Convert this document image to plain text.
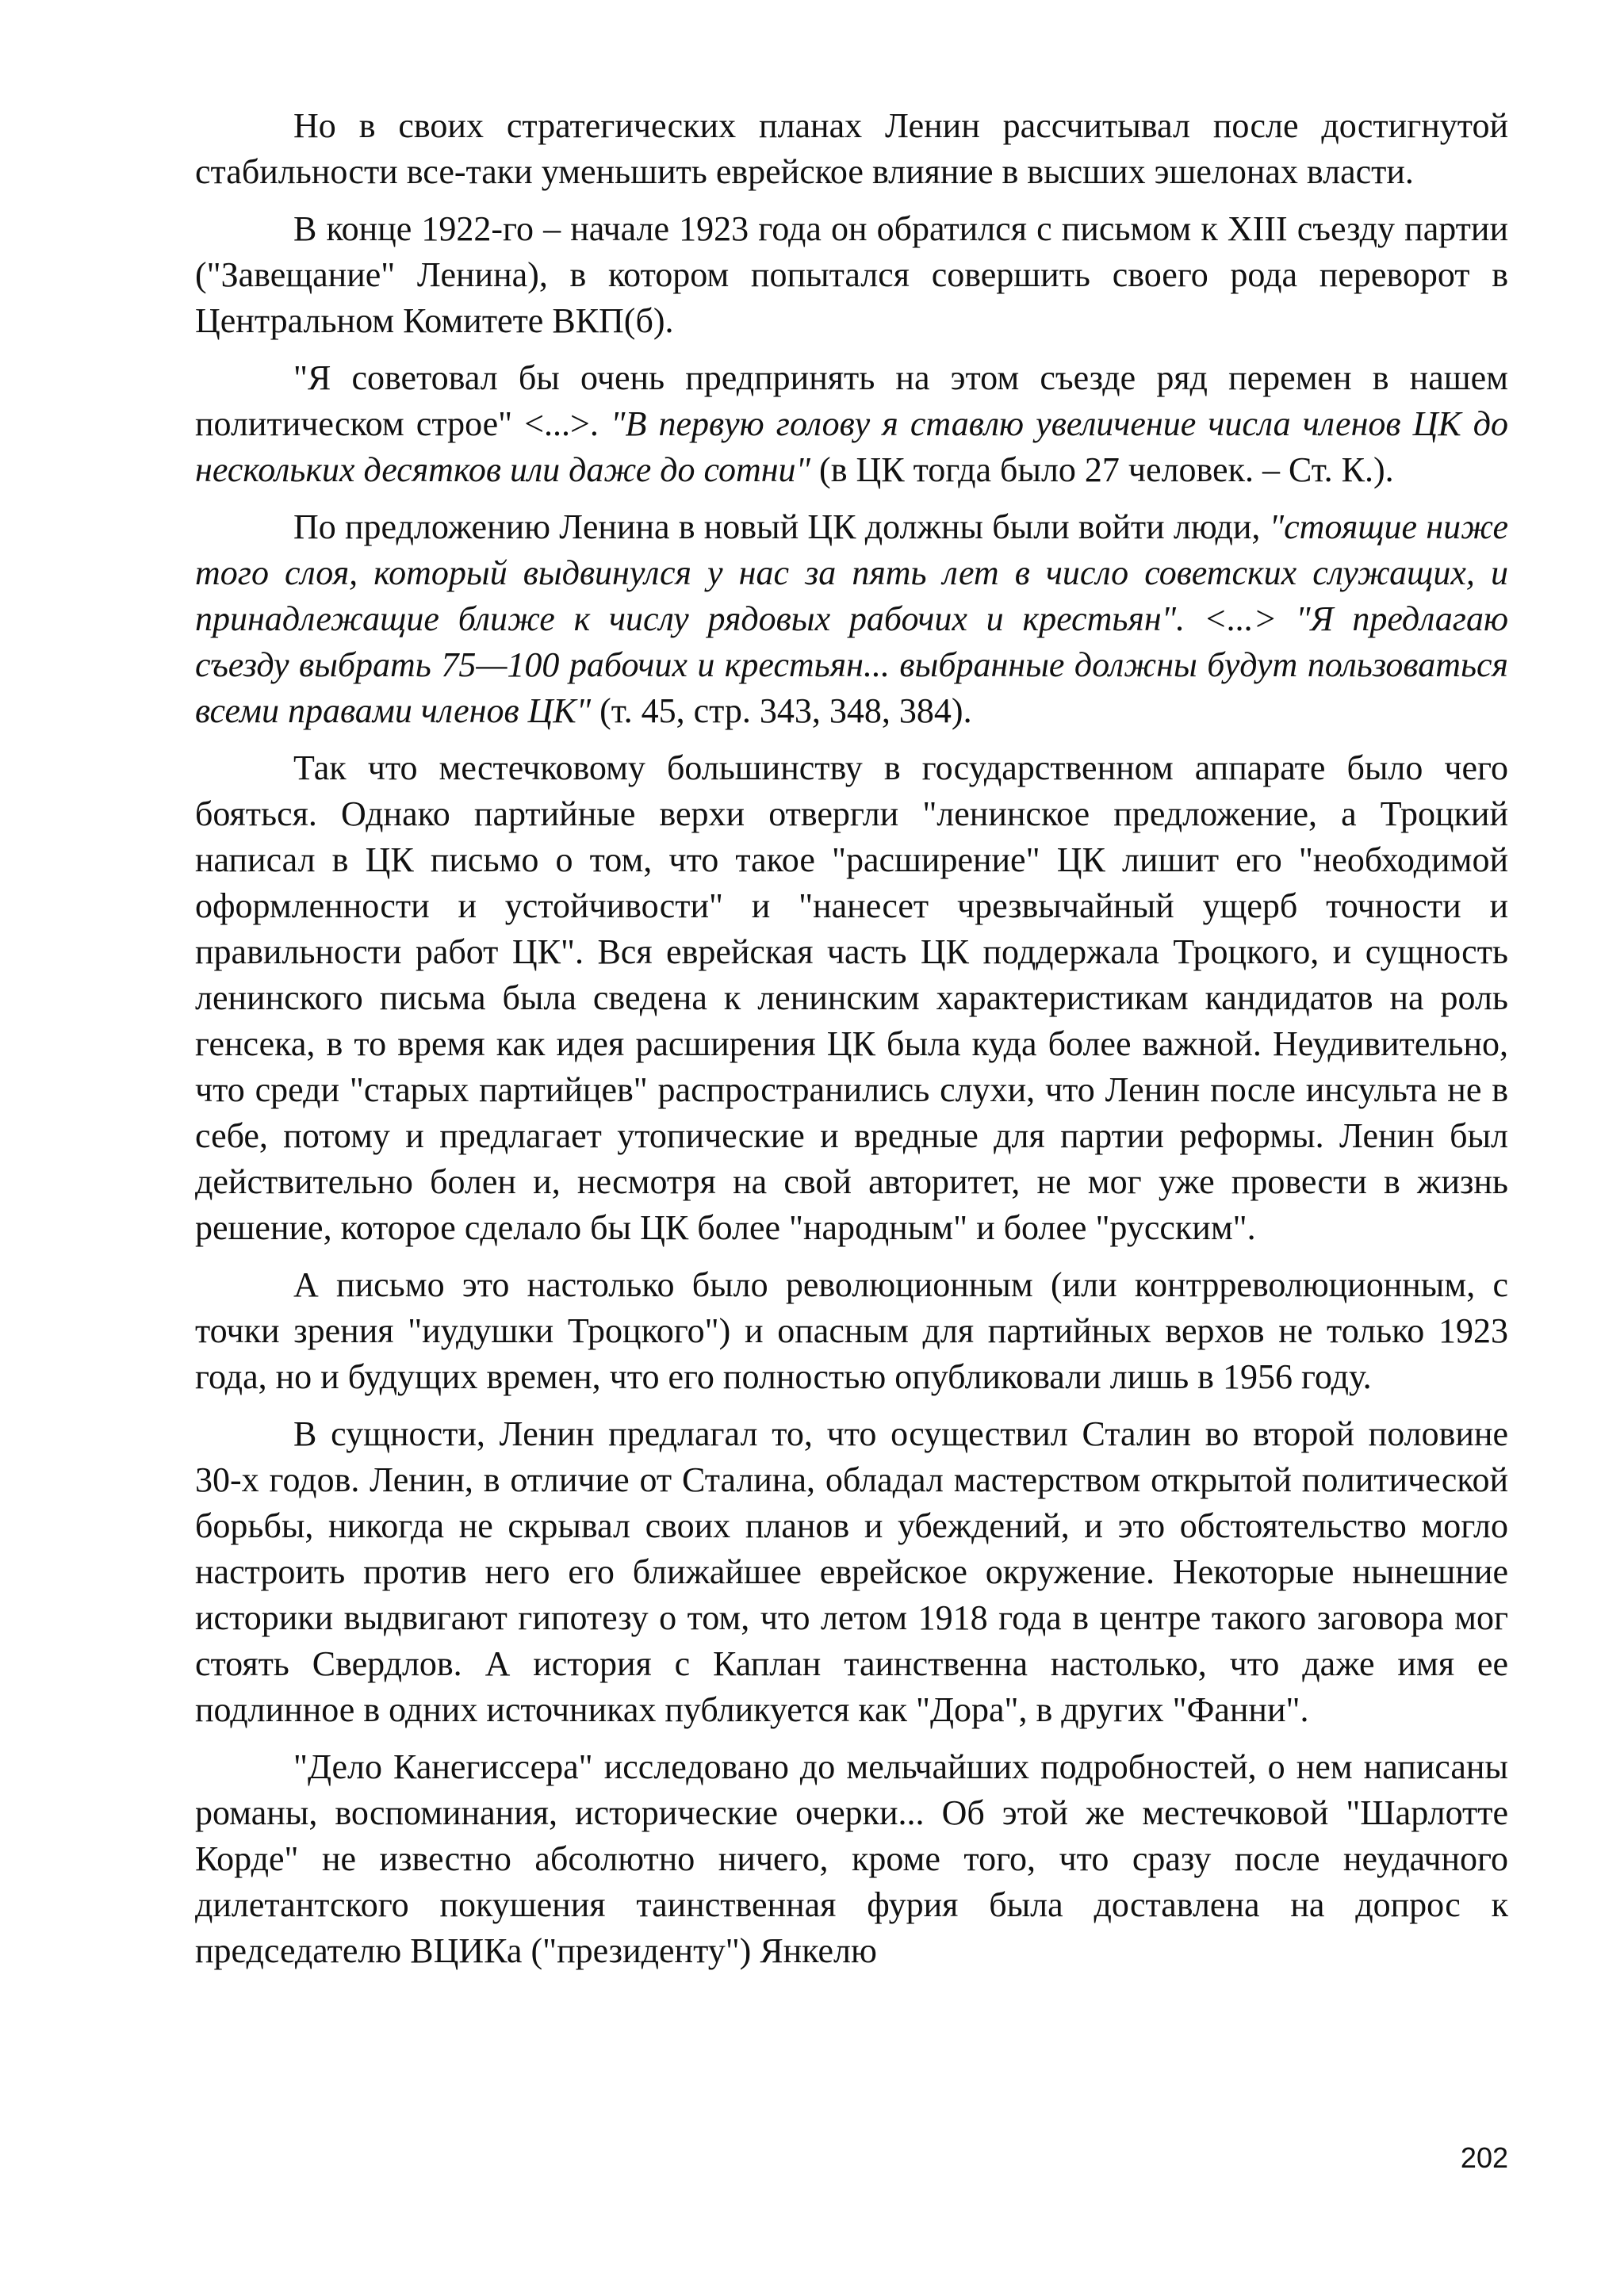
Но в своих стратегических планах Ленин рассчитывал после достигнутой стабильности все-таки уменьшить еврейское влияние в высших эшелонах власти.

В конце 1922-го – начале 1923 года он обратился с письмом к XIII съезду партии ("Завещание" Ленина), в котором попытался совершить своего рода переворот в Центральном Комитете ВКП(б).

"Я советовал бы очень предпринять на этом съезде ряд перемен в нашем политическом строе" <...>. "В первую голову я ставлю увеличение числа членов ЦК до нескольких десятков или даже до сотни" (в ЦК тогда было 27 человек. – Ст. К.).

По предложению Ленина в новый ЦК должны были войти люди, "стоящие ниже того слоя, который выдвинулся у нас за пять лет в число советских служащих, и принадлежащие ближе к числу рядовых рабочих и крестьян". <...> "Я предлагаю съезду выбрать 75—100 рабочих и крестьян... выбранные должны будут пользоваться всеми правами членов ЦК" (т. 45, стр. 343, 348, 384).

Так что местечковому большинству в государственном аппарате было чего бояться. Однако партийные верхи отвергли "ленинское предложение, а Троцкий написал в ЦК письмо о том, что такое "расширение" ЦК лишит его "необходимой оформленности и устойчивости" и "нанесет чрезвычайный ущерб точности и правильности работ ЦК". Вся еврейская часть ЦК поддержала Троцкого, и сущность ленинского письма была сведена к ленинским характеристикам кандидатов на роль генсека, в то время как идея расширения ЦК была куда более важной. Неудивительно, что среди "старых партийцев" распространились слухи, что Ленин после инсульта не в себе, потому и предлагает утопические и вредные для партии реформы. Ленин был действительно болен и, несмотря на свой авторитет, не мог уже провести в жизнь решение, которое сделало бы ЦК более "народным" и более "русским".

А письмо это настолько было революционным (или контрреволюционным, с точки зрения "иудушки Троцкого") и опасным для партийных верхов не только 1923 года, но и будущих времен, что его полностью опубликовали лишь в 1956 году.

В сущности, Ленин предлагал то, что осуществил Сталин во второй половине 30-х годов. Ленин, в отличие от Сталина, обладал мастерством открытой политической борьбы, никогда не скрывал своих планов и убеждений, и это обстоятельство могло настроить против него его ближайшее еврейское окружение. Некоторые нынешние историки выдвигают гипотезу о том, что летом 1918 года в центре такого заговора мог стоять Свердлов. А история с Каплан таинственна настолько, что даже имя ее подлинное в одних источниках публикуется как "Дора", в других "Фанни".

"Дело Канегиссера" исследовано до мельчайших подробностей, о нем написаны романы, воспоминания, исторические очерки... Об этой же местечковой "Шарлотте Корде" не известно абсолютно ничего, кроме того, что сразу после неудачного дилетантского покушения таинственная фурия была доставлена на допрос к председателю ВЦИКа ("президенту") Янкелю

202
